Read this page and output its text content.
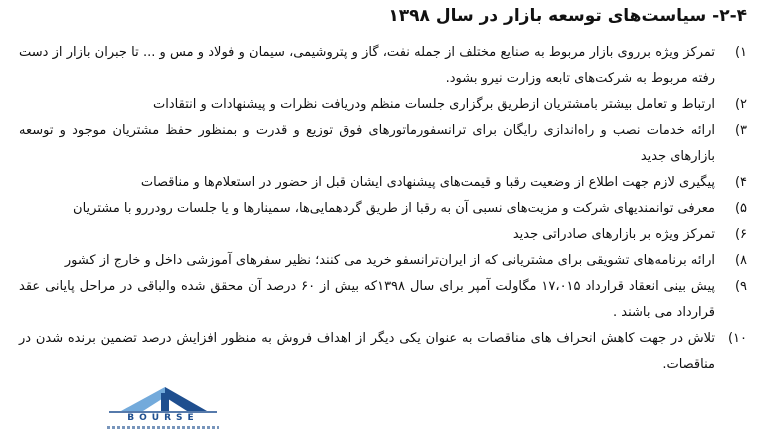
۲-۴- سیاست‌های توسعه بازار در سال ۱۳۹۸
۱)
تمرکز ویژه برروی بازار مربوط به صنایع مختلف از جمله نفت، گاز و پتروشیمی، سیمان و فولاد و مس و ... تا جبران بازار از دست رفته مربوط به شرکت‌های تابعه وزارت نیرو بشود.
۲)
ارتباط و تعامل بیشتر بامشتریان ازطریق برگزاری جلسات منظم ودریافت نظرات و پیشنهادات و انتقادات
۳)
ارائه خدمات نصب و راه‌اندازی رایگان برای ترانسفورماتورهای فوق توزیع و قدرت و بمنظور حفظ مشتریان موجود و توسعه بازارهای جدید
۴)
پیگیری لازم جهت اطلاع از وضعیت رقبا و قیمت‌های پیشنهادی ایشان قبل از حضور در استعلام‌ها و مناقصات
۵)
معرفی توانمندیهای شرکت و مزیت‌های نسبی آن به رقبا از طریق گردهمایی‌ها، سمینارها و یا جلسات رودررو با مشتریان
۶)
تمرکز ویژه بر بازارهای صادراتی جدید
۸)
ارائه برنامه‌های تشویقی برای مشتریانی که از ایران‌ترانسفو خرید می کنند؛ نظیر سفرهای آموزشی داخل و خارج از کشور
۹)
پیش بینی انعقاد قرارداد ۱۷،۰۱۵ مگاولت آمپر برای سال ۱۳۹۸که بیش از ۶۰ درصد آن محقق شده والباقی در مراحل پایانی عقد قرارداد می باشند .
۱۰)
تلاش در جهت کاهش انحراف های مناقصات به عنوان یکی دیگر از اهداف فروش به منظور افزایش درصد تضمین برنده شدن در مناقصات.
BOURSE
